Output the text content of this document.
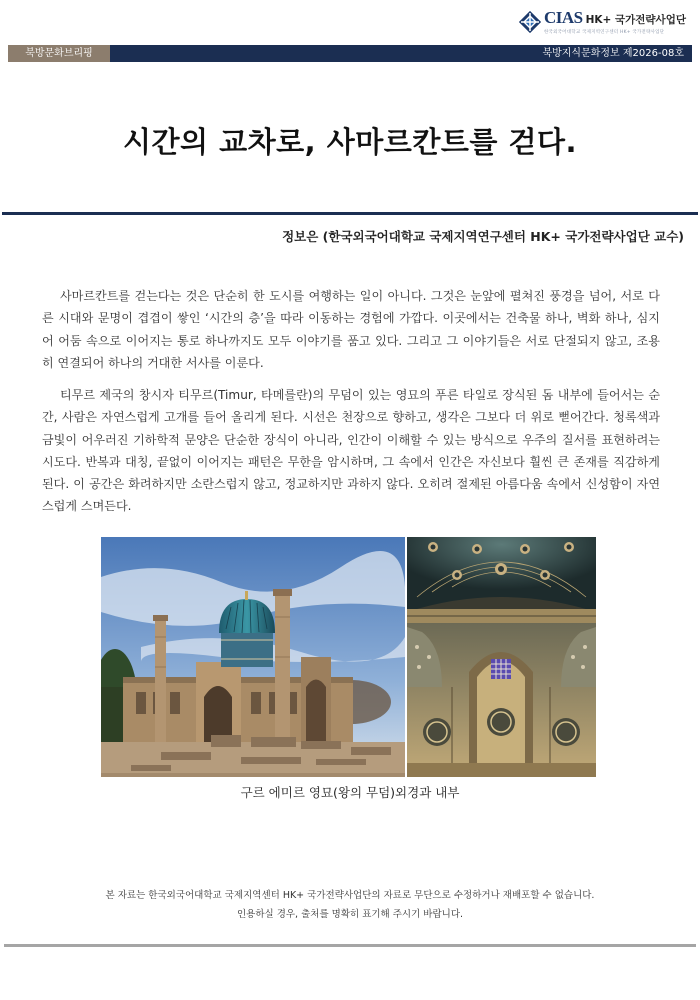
CIAS HK+ 국가전략사업단
한국외국어대학교 국제지역연구센터 HK+ 국가전략사업단
북방문화브리핑	북방지식문화정보 제2026-08호
시간의 교차로, 사마르칸트를 걷다.
정보은 (한국외국어대학교 국제지역연구센터 HK+ 국가전략사업단 교수)

사마르칸트를 걷는다는 것은 단순히 한 도시를 여행하는 일이 아니다. 그것은 눈앞에 펼쳐진 풍경을 넘어, 서로 다른 시대와 문명이 겹겹이 쌓인 ‘시간의 층’을 따라 이동하는 경험에 가깝다. 이곳에서는 건축물 하나, 벽화 하나, 심지어 어둠 속으로 이어지는 통로 하나까지도 모두 이야기를 품고 있다. 그리고 그 이야기들은 서로 단절되지 않고, 조용히 연결되어 하나의 거대한 서사를 이룬다.

티무르 제국의 창시자 티무르(Timur, 타메를란)의 무덤이 있는 영묘의 푸른 타일로 장식된 돔 내부에 들어서는 순간, 사람은 자연스럽게 고개를 들어 올리게 된다. 시선은 천장으로 향하고, 생각은 그보다 더 위로 뻗어간다. 청록색과 금빛이 어우러진 기하학적 문양은 단순한 장식이 아니라, 인간이 이해할 수 있는 방식으로 우주의 질서를 표현하려는 시도다. 반복과 대칭, 끝없이 이어지는 패턴은 무한을 암시하며, 그 속에서 인간은 자신보다 훨씬 큰 존재를 직감하게 된다. 이 공간은 화려하지만 소란스럽지 않고, 정교하지만 과하지 않다. 오히려 절제된 아름다움 속에서 신성함이 자연스럽게 스며든다.

구르 에미르 영묘(왕의 무덤)외경과 내부
본 자료는 한국외국어대학교 국제지역센터 HK+ 국가전략사업단의 자료로 무단으로 수정하거나 재배포할 수 없습니다.
인용하실 경우, 출처를 명확히 표기해 주시기 바랍니다.
